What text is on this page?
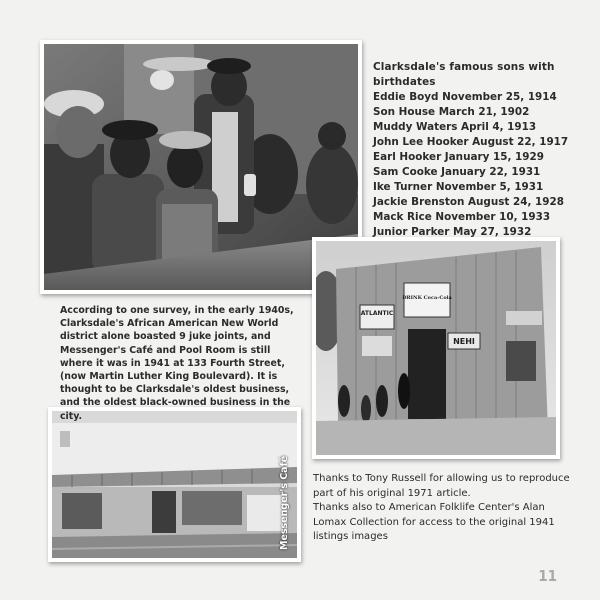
ATLANTIC
DRINK Coca-Cola
NEHI
Messenger's Café
Clarksdale's famous sons with birthdates
Eddie Boyd November 25, 1914
Son House March 21, 1902
Muddy Waters April 4, 1913
John Lee Hooker August 22, 1917
Earl Hooker January 15, 1929
Sam Cooke January 22, 1931
Ike Turner November 5, 1931
Jackie Brenston August 24, 1928
Mack Rice November 10, 1933
Junior Parker May 27, 1932
According to one survey, in the early 1940s, Clarksdale's African American New World district alone boasted 9 juke joints, and Messenger's Café and Pool Room is still where it was in 1941 at 133 Fourth Street, (now Martin Luther King Boulevard). It is thought to be Clarksdale's oldest business, and the oldest black-owned business in the city.

Thanks to Tony Russell for allowing us to reproduce part of his original 1971 article.

Thanks also to American Folklife Center's Alan Lomax Collection for access to the original 1941 listings images

11
